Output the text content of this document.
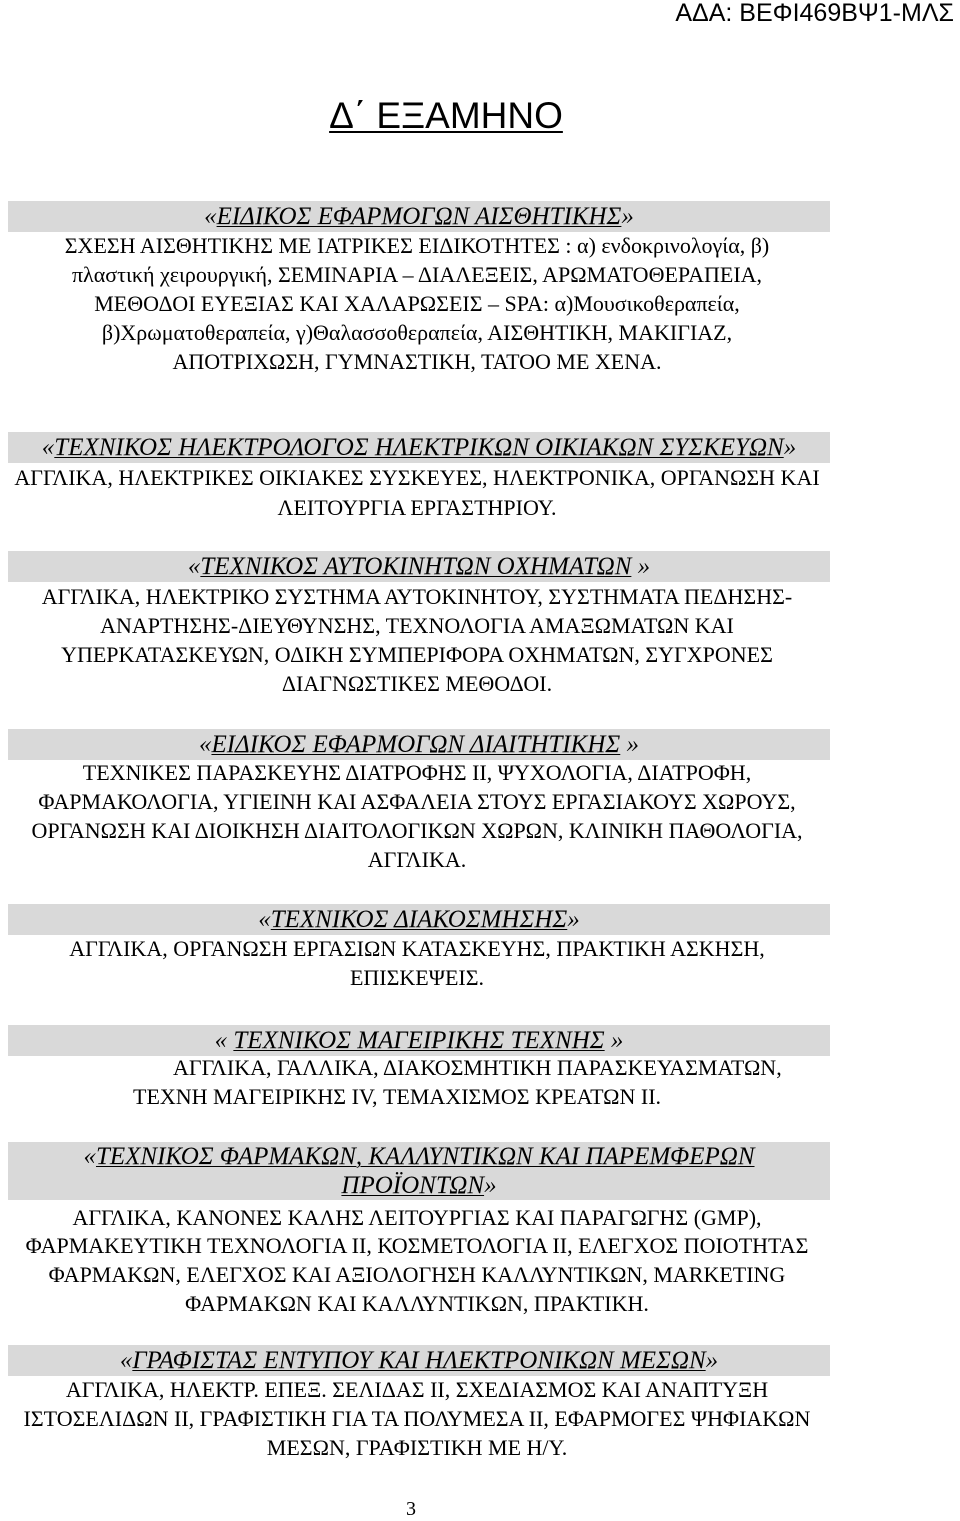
ΑΔΑ: ΒΕΦΙ469ΒΨ1-ΜΛΣ
Δ΄ ΕΞΑΜΗΝΟ
«ΕΙΔΙΚΟΣ ΕΦΑΡΜΟΓΩΝ ΑΙΣΘΗΤΙΚΗΣ»
ΣΧΕΣΗ ΑΙΣΘΗΤΙΚΗΣ ΜΕ ΙΑΤΡΙΚΕΣ ΕΙΔΙΚΟΤΗΤΕΣ : α) ενδοκρινολογία, β)
πλαστική χειρουργική, ΣΕΜΙΝΑΡΙΑ – ΔΙΑΛΕΞΕΙΣ, ΑΡΩΜΑΤΟΘΕΡΑΠΕΙΑ,
ΜΕΘΟΔΟΙ ΕΥΕΞΙΑΣ ΚΑΙ ΧΑΛΑΡΩΣΕΙΣ – SPA: α)Μουσικοθεραπεία,
β)Χρωματοθεραπεία, γ)Θαλασσοθεραπεία, ΑΙΣΘΗΤΙΚΗ, ΜΑΚΙΓΙΑΖ,
ΑΠΟΤΡΙΧΩΣΗ, ΓΥΜΝΑΣΤΙΚΗ, ΤΑΤΟΟ ΜΕ ΧΕΝΑ.
«ΤΕΧΝΙΚΟΣ ΗΛΕΚΤΡΟΛΟΓΟΣ ΗΛΕΚΤΡΙΚΩΝ ΟΙΚΙΑΚΩΝ ΣΥΣΚΕΥΩΝ»
ΑΓΓΛΙΚΑ, ΗΛΕΚΤΡΙΚΕΣ ΟΙΚΙΑΚΕΣ ΣΥΣΚΕΥΕΣ, ΗΛΕΚΤΡΟΝΙΚΑ, ΟΡΓΑΝΩΣΗ ΚΑΙ
ΛΕΙΤΟΥΡΓΙΑ ΕΡΓΑΣΤΗΡΙΟΥ.
«ΤΕΧΝΙΚΟΣ ΑΥΤΟΚΙΝΗΤΩΝ ΟΧΗΜΑΤΩΝ »
ΑΓΓΛΙΚΑ, ΗΛΕΚΤΡΙΚΟ ΣΥΣΤΗΜΑ ΑΥΤΟΚΙΝΗΤΟΥ, ΣΥΣΤΗΜΑΤΑ ΠΕΔΗΣΗΣ-
ΑΝΑΡΤΗΣΗΣ-ΔΙΕΥΘΥΝΣΗΣ, ΤΕΧΝΟΛΟΓΙΑ ΑΜΑΞΩΜΑΤΩΝ ΚΑΙ
ΥΠΕΡΚΑΤΑΣΚΕΥΩΝ, ΟΔΙΚΗ ΣΥΜΠΕΡΙΦΟΡΑ ΟΧΗΜΑΤΩΝ, ΣΥΓΧΡΟΝΕΣ
ΔΙΑΓΝΩΣΤΙΚΕΣ ΜΕΘΟΔΟΙ.
«ΕΙΔΙΚΟΣ ΕΦΑΡΜΟΓΩΝ ΔΙΑΙΤΗΤΙΚΗΣ »
ΤΕΧΝΙΚΕΣ ΠΑΡΑΣΚΕΥΗΣ ΔΙΑΤΡΟΦΗΣ ΙΙ, ΨΥΧΟΛΟΓΙΑ, ΔΙΑΤΡΟΦΗ,
ΦΑΡΜΑΚΟΛΟΓΙΑ, ΥΓΙΕΙΝΗ ΚΑΙ ΑΣΦΑΛΕΙΑ ΣΤΟΥΣ ΕΡΓΑΣΙΑΚΟΥΣ ΧΩΡΟΥΣ,
ΟΡΓΑΝΩΣΗ ΚΑΙ ΔΙΟΙΚΗΣΗ ΔΙΑΙΤΟΛΟΓΙΚΩΝ ΧΩΡΩΝ, ΚΛΙΝΙΚΗ ΠΑΘΟΛΟΓΙΑ,
ΑΓΓΛΙΚΑ.
«ΤΕΧΝΙΚΟΣ ΔΙΑΚΟΣΜΗΣΗΣ»
ΑΓΓΛΙΚΑ, ΟΡΓΑΝΩΣΗ ΕΡΓΑΣΙΩΝ ΚΑΤΑΣΚΕΥΗΣ, ΠΡΑΚΤΙΚΗ ΑΣΚΗΣΗ,
ΕΠΙΣΚΕΨΕΙΣ.
« ΤΕΧΝΙΚΟΣ ΜΑΓΕΙΡΙΚΗΣ ΤΕΧΝΗΣ »
ΑΓΓΛΙΚΑ, ΓΑΛΛΙΚΑ, ΔΙΑΚΟΣΜΗΤΙΚΗ ΠΑΡΑΣΚΕΥΑΣΜΑΤΩΝ,
ΤΕΧΝΗ ΜΑΓΕΙΡΙΚΗΣ IV, ΤΕΜΑΧΙΣΜΟΣ ΚΡΕΑΤΩΝ ΙΙ.
«ΤΕΧΝΙΚΟΣ ΦΑΡΜΑΚΩΝ, ΚΑΛΛΥΝΤΙΚΩΝ ΚΑΙ ΠΑΡΕΜΦΕΡΩΝ
ΠΡΟΪΟΝΤΩΝ»
ΑΓΓΛΙΚΑ, ΚΑΝΟΝΕΣ ΚΑΛΗΣ ΛΕΙΤΟΥΡΓΙΑΣ ΚΑΙ ΠΑΡΑΓΩΓΗΣ (GMP),
ΦΑΡΜΑΚΕΥΤΙΚΗ ΤΕΧΝΟΛΟΓΙΑ ΙΙ, ΚΟΣΜΕΤΟΛΟΓΙΑ ΙΙ, ΕΛΕΓΧΟΣ ΠΟΙΟΤΗΤΑΣ
ΦΑΡΜΑΚΩΝ, ΕΛΕΓΧΟΣ ΚΑΙ ΑΞΙΟΛΟΓΗΣΗ ΚΑΛΛΥΝΤΙΚΩΝ, MARKETING
ΦΑΡΜΑΚΩΝ ΚΑΙ ΚΑΛΛΥΝΤΙΚΩΝ, ΠΡΑΚΤΙΚΗ.
«ΓΡΑΦΙΣΤΑΣ ΕΝΤΥΠΟΥ ΚΑΙ ΗΛΕΚΤΡΟΝΙΚΩΝ ΜΕΣΩΝ»
ΑΓΓΛΙΚΑ, ΗΛΕΚΤΡ. ΕΠΕΞ. ΣΕΛΙΔΑΣ ΙΙ, ΣΧΕΔΙΑΣΜΟΣ ΚΑΙ ΑΝΑΠΤΥΞΗ
ΙΣΤΟΣΕΛΙΔΩΝ ΙΙ, ΓΡΑΦΙΣΤΙΚΗ ΓΙΑ ΤΑ ΠΟΛΥΜΕΣΑ ΙΙ, ΕΦΑΡΜΟΓΕΣ ΨΗΦΙΑΚΩΝ
ΜΕΣΩΝ, ΓΡΑΦΙΣΤΙΚΗ ΜΕ Η/Υ.
3
